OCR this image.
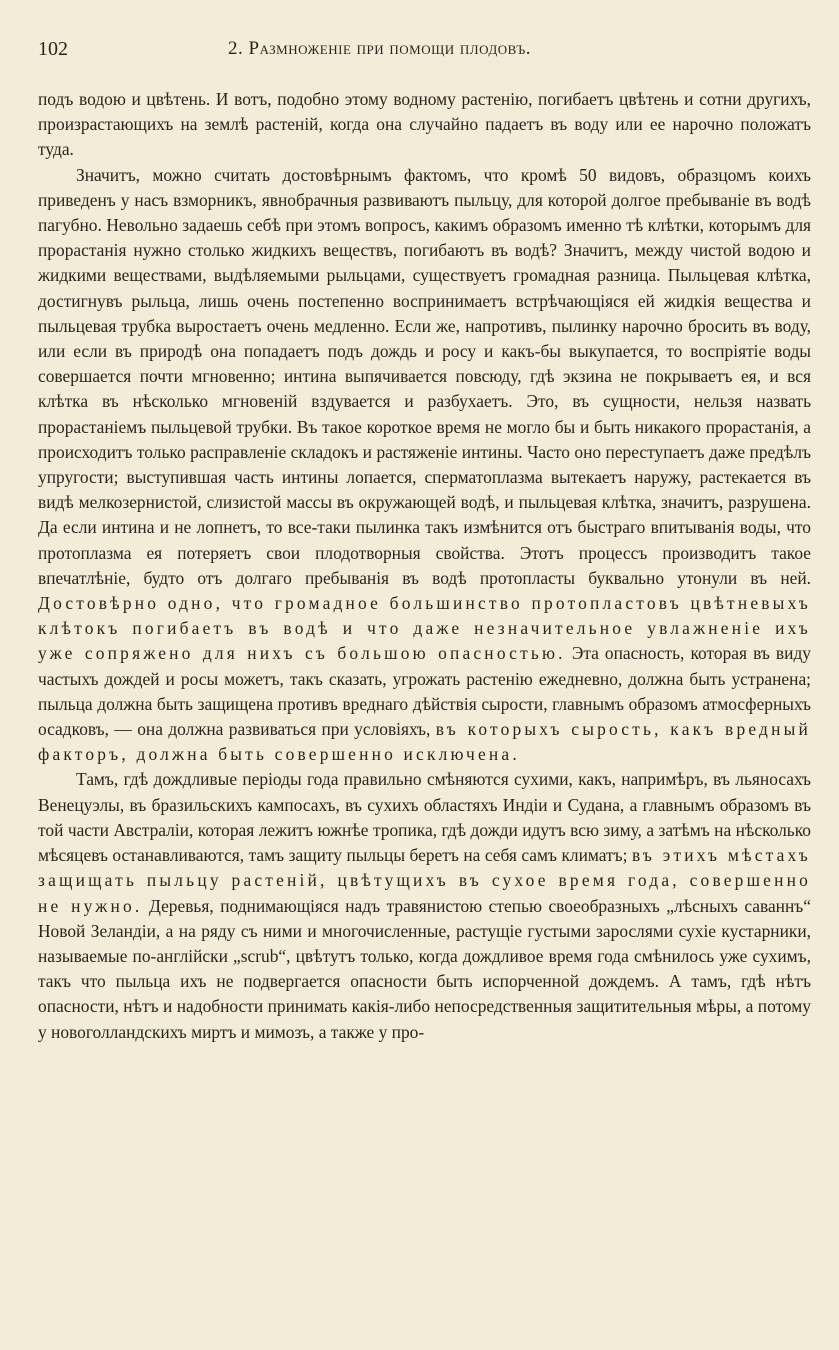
102	2. Размноженiе при помощи плодовъ.

подъ водою и цвѣтень. И вотъ, подобно этому водному растенію, погибаетъ цвѣтень и сотни другихъ, произрастающихъ на землѣ растеній, когда она случайно падаетъ въ воду или ее нарочно положатъ туда.

Значитъ, можно считать достовѣрнымъ фактомъ, что кромѣ 50 видовъ, образцомъ коихъ приведенъ у насъ взморникъ, явнобрачныя развиваютъ пыльцу, для которой долгое пребываніе въ водѣ пагубно. Невольно задаешь себѣ при этомъ вопросъ, какимъ образомъ именно тѣ клѣтки, которымъ для прорастанія нужно столько жидкихъ веществъ, погибаютъ въ водѣ? Значитъ, между чистой водою и жидкими веществами, выдѣляемыми рыльцами, существуетъ громадная разница. Пыльцевая клѣтка, достигнувъ рыльца, лишь очень постепенно воспринимаетъ встрѣчающіяся ей жидкія вещества и пыльцевая трубка выростаетъ очень медленно. Если же, напротивъ, пылинку нарочно бросить въ воду, или если въ природѣ она попадаетъ подъ дождь и росу и какъ-бы выкупается, то воспріятіе воды совершается почти мгновенно; интина выпячивается повсюду, гдѣ экзина не покрываетъ ея, и вся клѣтка въ нѣсколько мгновеній вздувается и разбухаетъ. Это, въ сущности, нельзя назвать прорастаніемъ пыльцевой трубки. Въ такое короткое время не могло бы и быть никакого прорастанія, а происходитъ только расправленіе складокъ и растяженіе интины. Часто оно переступаетъ даже предѣлъ упругости; выступившая часть интины лопается, сперматоплазма вытекаетъ наружу, растекается въ видѣ мелкозернистой, слизистой массы въ окружающей водѣ, и пыльцевая клѣтка, значитъ, разрушена. Да если интина и не лопнетъ, то все-таки пылинка такъ измѣнится отъ быстраго впитыванія воды, что протоплазма ея потеряетъ свои плодотворныя свойства. Этотъ процессъ производитъ такое впечатлѣніе, будто отъ долгаго пребыванія въ водѣ протопласты буквально утонули въ ней. Достовѣрно одно, что громадное большинство протопластовъ цвѣтневыхъ клѣтокъ погибаетъ въ водѣ и что даже незначительное увлажненіе ихъ уже сопряжено для нихъ съ большою опасностью. Эта опасность, которая въ виду частыхъ дождей и росы можетъ, такъ сказать, угрожать растенію ежедневно, должна быть устранена; пыльца должна быть защищена противъ вреднаго дѣйствія сырости, главнымъ образомъ атмосферныхъ осадковъ, — она должна развиваться при условіяхъ, въ которыхъ сырость, какъ вредный факторъ, должна быть совершенно исключена.

Тамъ, гдѣ дождливые періоды года правильно смѣняются сухими, какъ, напримѣръ, въ льяносахъ Венецуэлы, въ бразильскихъ кампосахъ, въ сухихъ областяхъ Индіи и Судана, а главнымъ образомъ въ той части Австраліи, которая лежитъ южнѣе тропика, гдѣ дожди идутъ всю зиму, а затѣмъ на нѣсколько мѣсяцевъ останавливаются, тамъ защиту пыльцы беретъ на себя самъ климатъ; въ этихъ мѣстахъ защищать пыльцу растеній, цвѣтущихъ въ сухое время года, совершенно не нужно. Деревья, поднимающіяся надъ травянистою степью своеобразныхъ „лѣсныхъ саваннъ“ Новой Зеландіи, а на ряду съ ними и многочисленные, растущіе густыми зарослями сухіе кустарники, называемые по-англійски „scrub“, цвѣтутъ только, когда дождливое время года смѣнилось уже сухимъ, такъ что пыльца ихъ не подвергается опасности быть испорченной дождемъ. А тамъ, гдѣ нѣтъ опасности, нѣтъ и надобности принимать какія-либо непосредственныя защитительныя мѣры, а потому у новоголландскихъ миртъ и мимозъ, а также у про-
